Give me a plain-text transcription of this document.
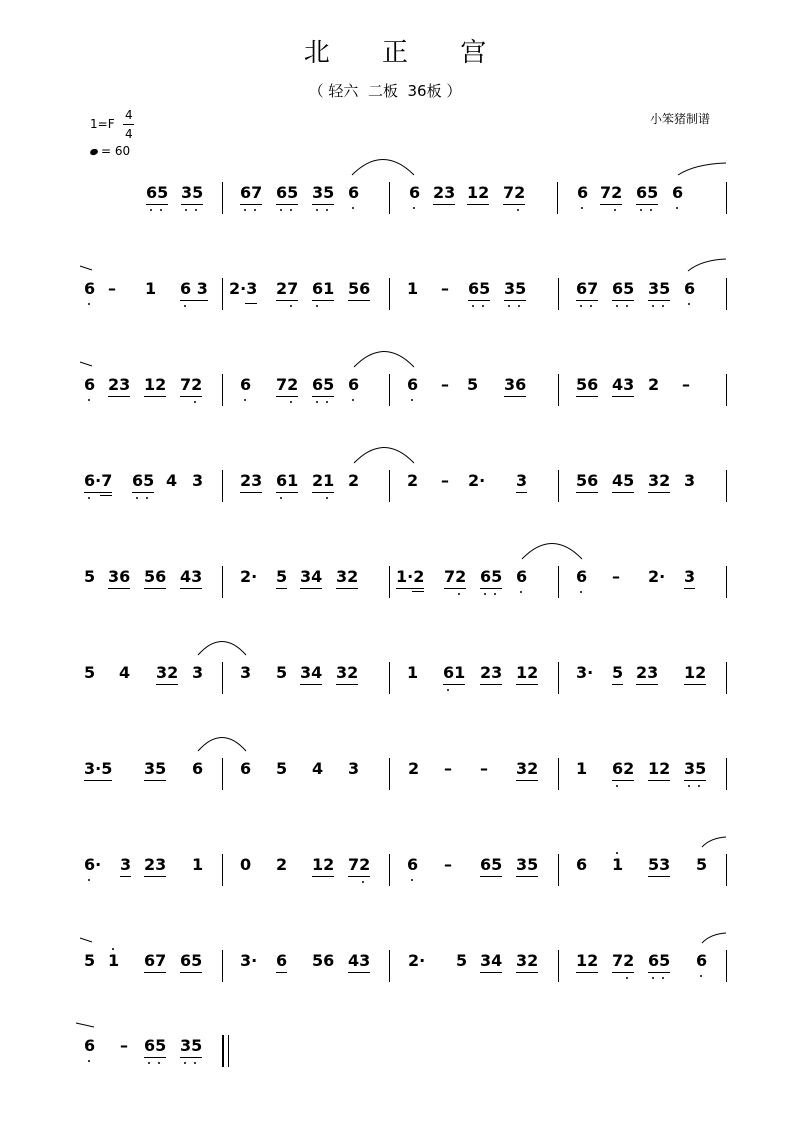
北 正 宫
（ 轻六  二板  36板 ）
小笨猪制谱
1=F
4
4
= 60
65 35 67 65 35 6	6 23 12 72	6 72 65 6
6 – 1 6 3 2·3 27 61 56 1 – 65 35	67 65 35 6
6 23 12 72 6 72 65 6	6 – 5 36	56 43 2 –
6·7 65 4 3 23 61 21 2	2 – 2· 3	56 45 32 3
5 36 56 43 2· 5 34 32 1·2 72 65 6	6 – 2· 3
5 4 32 3 3 5 34 32	1 61 23 12 3· 5 23 12
3·5 35 6 6 5 4 3	2 – – 32 1 62 12 35
6· 3 23 1 0 2 12 72 6 – 65 35 6 1 53 5
5 1 67 65 3· 6 56 43 2· 5 34 32 12 72 65 6
6 – 65 35
